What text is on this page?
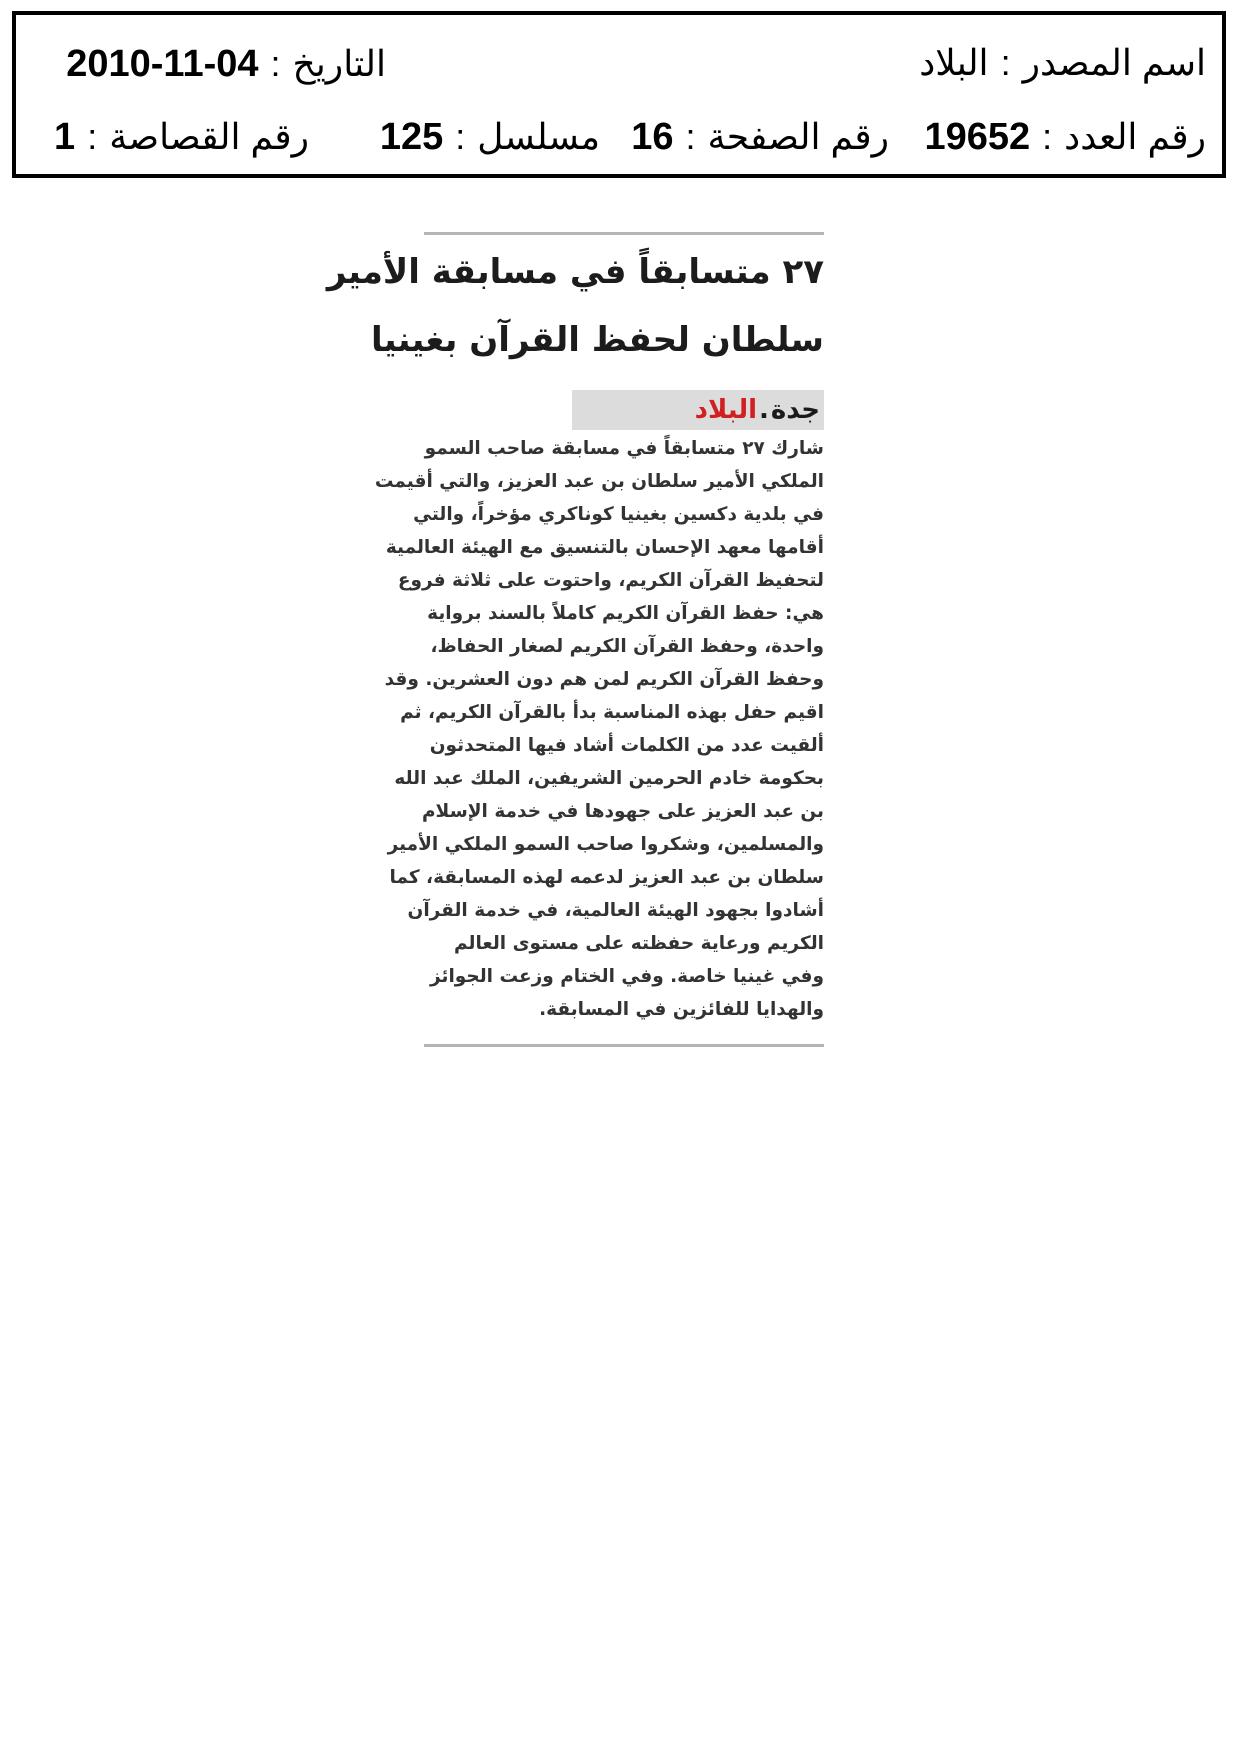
اسم المصدر:البلاد
التاريخ:2010-11-04
رقم العدد:19652
رقم الصفحة:16
مسلسل:125
رقم القصاصة:1
٢٧ متسابقاً في مسابقة الأمير
سلطان لحفظ القرآن بغينيا
جدة.البلاد
شارك ٢٧ متسابقاً في مسابقة صاحب السمو
الملكي الأمير سلطان بن عبد العزيز، والتي أقيمت
في بلدية دكسين بغينيا كوناكري مؤخراً، والتي
أقامها معهد الإحسان بالتنسيق مع الهيئة العالمية
لتحفيظ القرآن الكريم، واحتوت على ثلاثة فروع
هي: حفظ القرآن الكريم كاملاً بالسند برواية
واحدة، وحفظ القرآن الكريم لصغار الحفاظ،
وحفظ القرآن الكريم لمن هم دون العشرين. وقد
اقيم حفل بهذه المناسبة بدأ بالقرآن الكريم، ثم
ألقيت عدد من الكلمات أشاد فيها المتحدثون
بحكومة خادم الحرمين الشريفين، الملك عبد الله
بن عبد العزيز على جهودها في خدمة الإسلام
والمسلمين، وشكروا صاحب السمو الملكي الأمير
سلطان بن عبد العزيز لدعمه لهذه المسابقة، كما
أشادوا بجهود الهيئة العالمية، في خدمة القرآن
الكريم ورعاية حفظته على مستوى العالم
وفي غينيا خاصة. وفي الختام وزعت الجوائز
والهدايا للفائزين في المسابقة.
